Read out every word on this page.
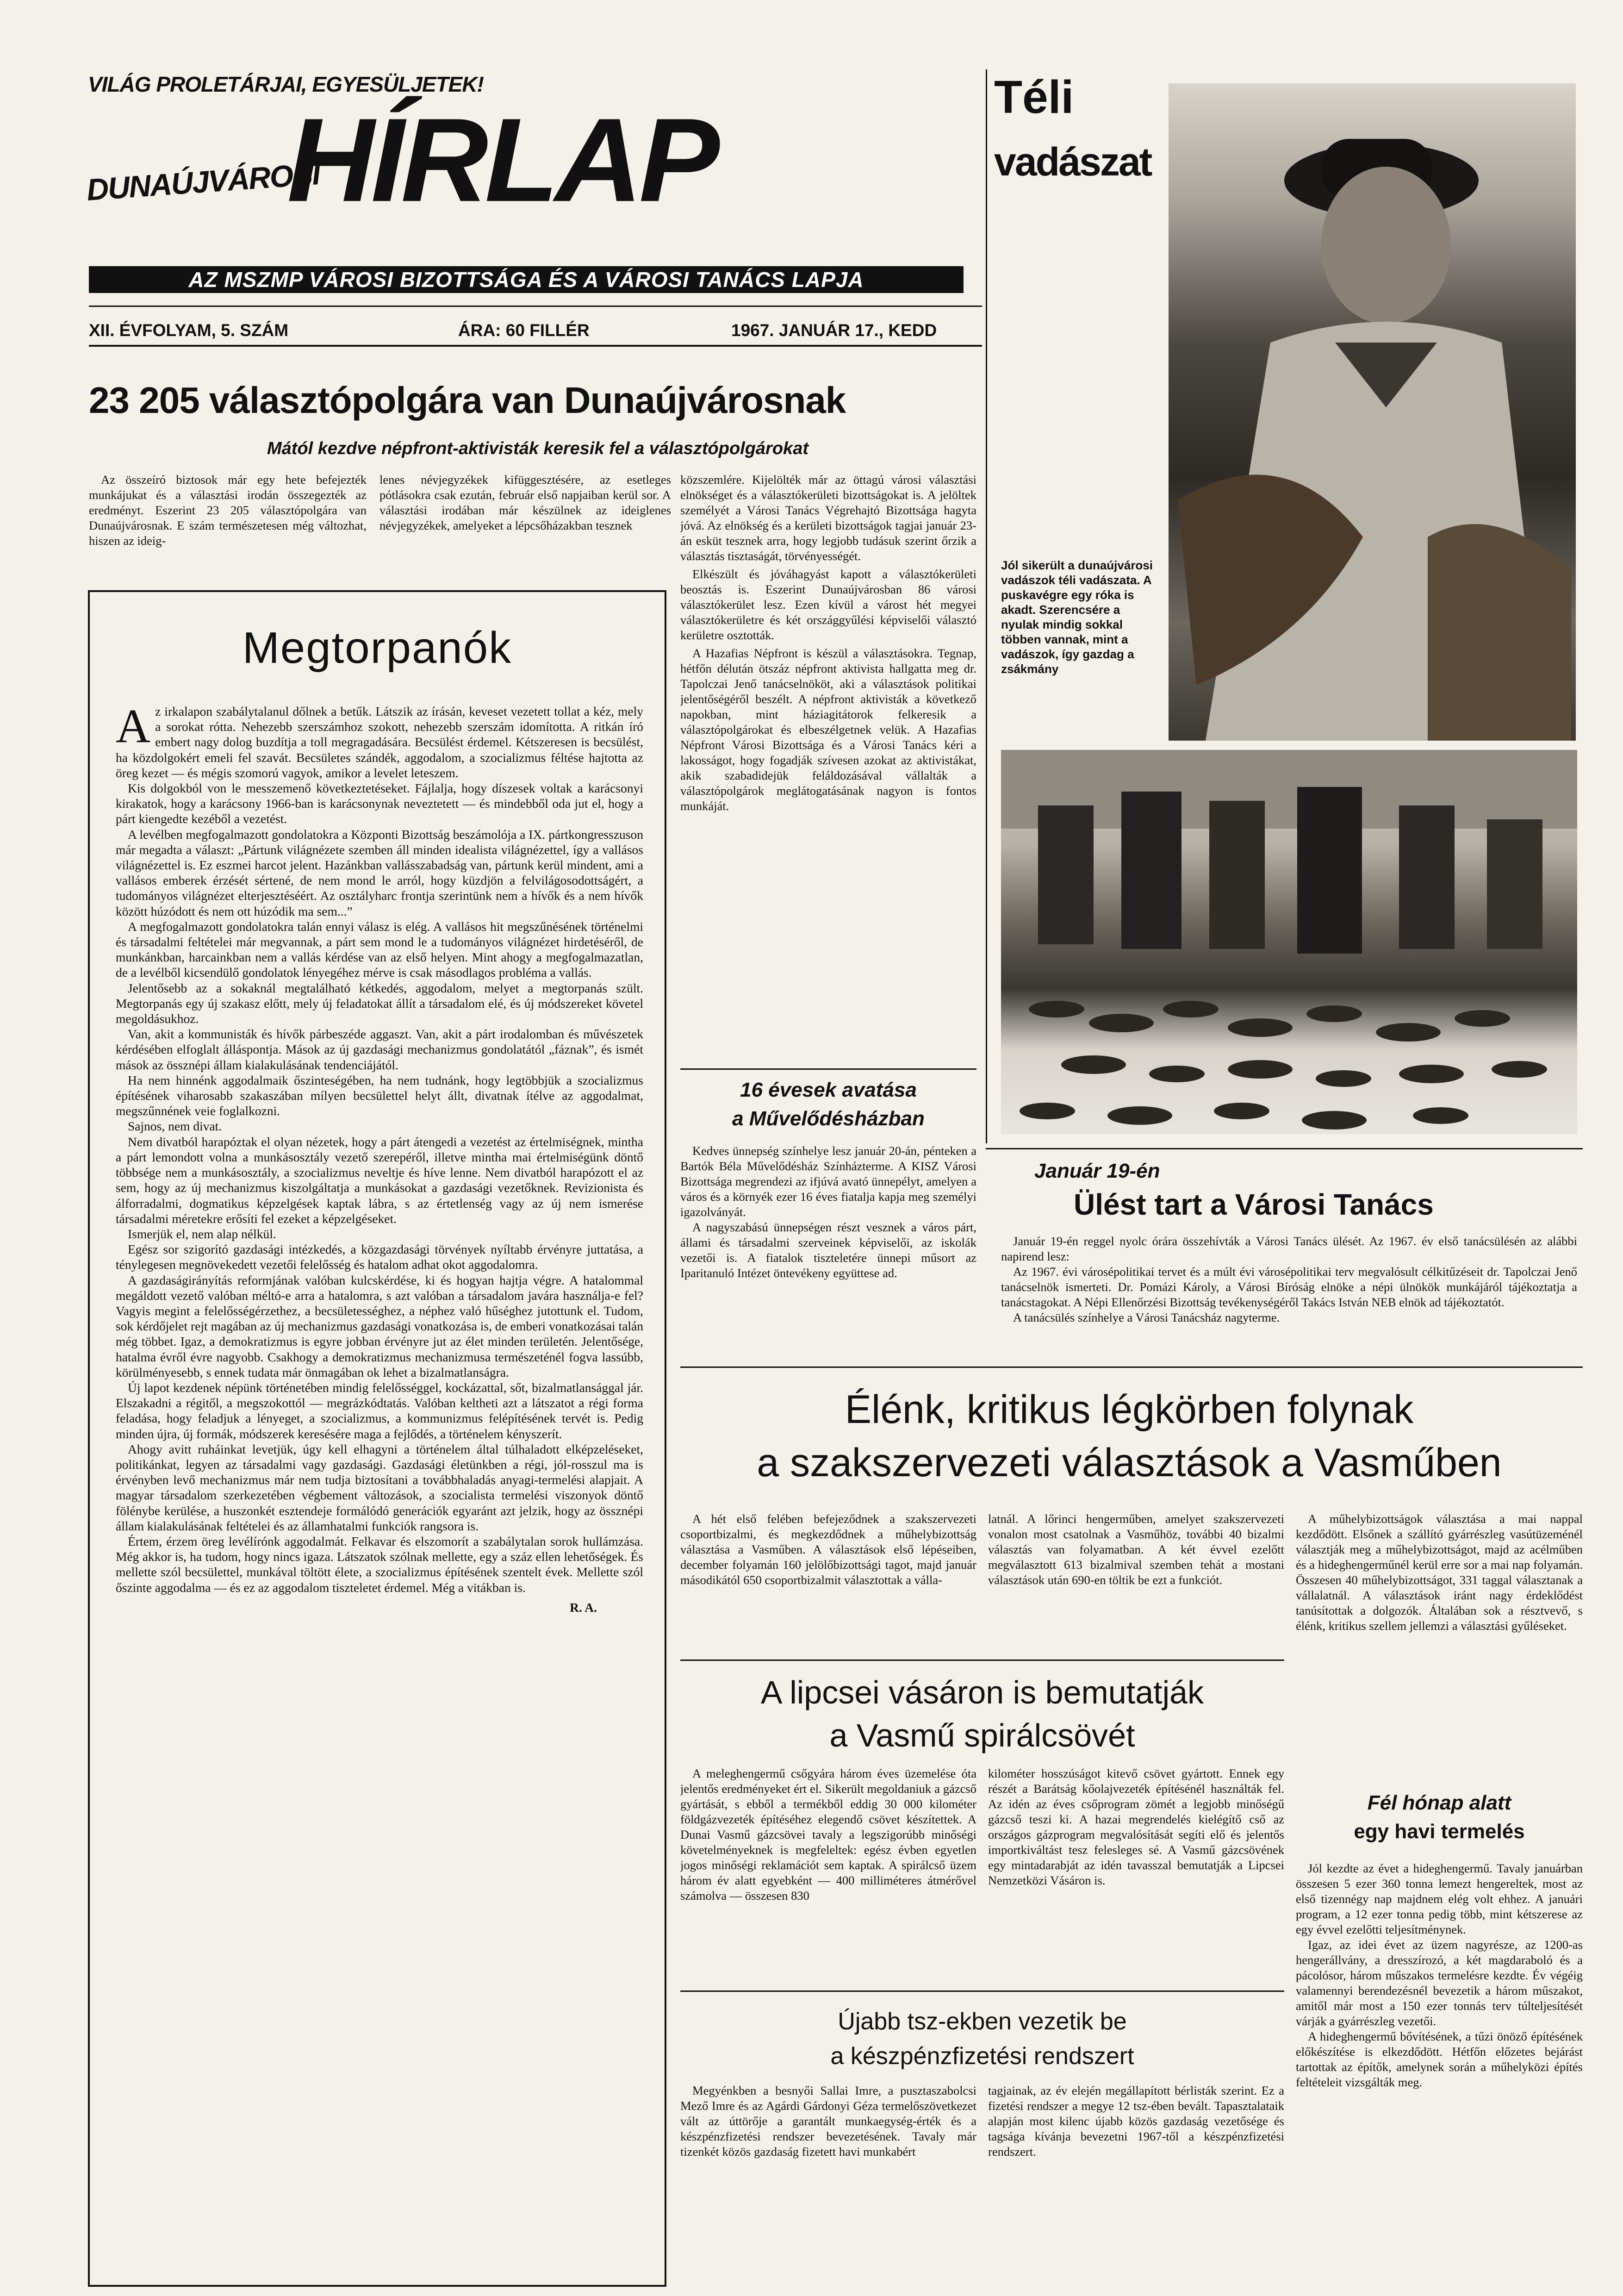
VILÁG PROLETÁRJAI, EGYESÜLJETEK!
DUNAÚJVÁROSI
HÍRLAP
AZ MSZMP VÁROSI BIZOTTSÁGA ÉS A VÁROSI TANÁCS LAPJA
XII. ÉVFOLYAM, 5. SZÁM	ÁRA: 60 FILLÉR	1967. JANUÁR 17., KEDD
Téli
vadászat
Jól sikerült a dunaújvárosi vadászok téli vadászata. A puskavégre egy róka is akadt. Szerencsére a nyulak mindig sokkal többen vannak, mint a vadászok, így gazdag a zsákmány
23 205 választópolgára van Dunaújvárosnak
Mától kezdve népfront-aktivisták keresik fel a választópolgárokat

Az összeíró biztosok már egy hete befejezték munkájukat és a választási irodán összegezték az eredményt. Eszerint 23 205 választópolgára van Dunaújvárosnak. E szám természetesen még változhat, hiszen az ideig-

lenes névjegyzékek kifüggesztésére, az esetleges pótlásokra csak ezután, február első napjaiban kerül sor. A választási irodában már készülnek az ideiglenes névjegyzékek, amelyeket a lépcsőházakban tesznek

közszemlére. Kijelölték már az öttagú városi választási elnökséget és a választókerületi bizottságokat is. A jelöltek személyét a Városi Tanács Végrehajtó Bizottsága hagyta jóvá. Az elnökség és a kerületi bizottságok tagjai január 23-án esküt tesznek arra, hogy legjobb tudásuk szerint őrzik a választás tisztaságát, törvényességét.

Elkészült és jóváhagyást kapott a választókerületi beosztás is. Eszerint Dunaújvárosban 86 városi választókerület lesz. Ezen kívül a várost hét megyei választókerületre és két országgyűlési képviselői választó kerületre osztották.

A Hazafias Népfront is készül a választásokra. Tegnap, hétfőn délután ötszáz népfront aktivista hallgatta meg dr. Tapolczai Jenő tanácselnököt, aki a választások politikai jelentőségéről beszélt. A népfront aktivisták a következő napokban, mint háziagitátorok felkeresik a választópolgárokat és elbeszélgetnek velük. A Hazafias Népfront Városi Bizottsága és a Városi Tanács kéri a lakosságot, hogy fogadják szívesen azokat az aktivistákat, akik szabadidejük feláldozásával vállalták a választópolgárok meglátogatásának nagyon is fontos munkáját.

Megtorpanók

Az irkalapon szabálytalanul dőlnek a betűk. Látszik az írásán, keveset vezetett tollat a kéz, mely a sorokat rótta. Nehezebb szerszámhoz szokott, nehezebb szerszám idomította. A ritkán író embert nagy dolog buzdítja a toll megragadására. Becsülést érdemel. Kétszeresen is becsülést, ha közdolgokért emeli fel szavát. Becsületes szándék, aggodalom, a szocializmus féltése hajtotta az öreg kezet — és mégis szomorú vagyok, amikor a levelet leteszem.

Kis dolgokból von le messzemenő következtetéseket. Fájlalja, hogy díszesek voltak a karácsonyi kirakatok, hogy a karácsony 1966-ban is karácsonynak neveztetett — és mindebből oda jut el, hogy a párt kiengedte kezéből a vezetést.

A levélben megfogalmazott gondolatokra a Központi Bizottság beszámolója a IX. pártkongresszuson már megadta a választ: „Pártunk világnézete szemben áll minden idealista világnézettel, így a vallásos világnézettel is. Ez eszmei harcot jelent. Hazánkban vallásszabadság van, pártunk kerül mindent, ami a vallásos emberek érzését sértené, de nem mond le arról, hogy küzdjön a felvilágosodottságért, a tudományos világnézet elterjesztéséért. Az osztályharc frontja szerintünk nem a hívők és a nem hívők között húzódott és nem ott húzódik ma sem...”

A megfogalmazott gondolatokra talán ennyi válasz is elég. A vallásos hit megszűnésének történelmi és társadalmi feltételei már megvannak, a párt sem mond le a tudományos világnézet hirdetéséről, de munkánkban, harcainkban nem a vallás kérdése van az első helyen. Mint ahogy a megfogalmazatlan, de a levélből kicsendülő gondolatok lényegéhez mérve is csak másodlagos probléma a vallás.

Jelentősebb az a sokaknál megtalálható kétkedés, aggodalom, melyet a megtorpanás szült. Megtorpanás egy új szakasz előtt, mely új feladatokat állít a társadalom elé, és új módszereket követel megoldásukhoz.

Van, akit a kommunisták és hívők párbeszéde aggaszt. Van, akit a párt irodalomban és művészetek kérdésében elfoglalt álláspontja. Mások az új gazdasági mechanizmus gondolatától „fáznak”, és ismét mások az össznépi állam kialakulásának tendenciájától.

Ha nem hinnénk aggodalmaik őszinteségében, ha nem tudnánk, hogy legtöbbjük a szocializmus építésének viharosabb szakaszában mílyen becsülettel helyt állt, divatnak ítélve az aggodalmat, megszűnnének veie foglalkozni.

Sajnos, nem divat.

Nem divatból harapóztak el olyan nézetek, hogy a párt átengedi a vezetést az értelmiségnek, mintha a párt lemondott volna a munkásosztály vezető szerepéről, illetve mintha mai értelmiségünk döntő többsége nem a munkásosztály, a szocializmus neveltje és híve lenne. Nem divatból harapózott el az sem, hogy az új mechanizmus kiszolgáltatja a munkásokat a gazdasági vezetőknek. Revizionista és álforradalmi, dogmatikus képzelgések kaptak lábra, s az értetlenség vagy az új nem ismerése társadalmi méretekre erősíti fel ezeket a képzelgéseket.

Ismerjük el, nem alap nélkül.

Egész sor szigorító gazdasági intézkedés, a közgazdasági törvények nyíltabb érvényre juttatása, a ténylegesen megnövekedett vezetői felelősség és hatalom adhat okot aggodalomra.

A gazdaságirányítás reformjának valóban kulcskérdése, ki és hogyan hajtja végre. A hatalommal megáldott vezető valóban méltó-e arra a hatalomra, s azt valóban a társadalom javára használja-e fel? Vagyis megint a felelősségérzethez, a becsületességhez, a néphez való hűséghez jutottunk el. Tudom, sok kérdőjelet rejt magában az új mechanizmus gazdasági vonatkozása is, de emberi vonatkozásai talán még többet. Igaz, a demokratizmus is egyre jobban érvényre jut az élet minden területén. Jelentősége, hatalma évről évre nagyobb. Csakhogy a demokratizmus mechanizmusa természeténél fogva lassúbb, körülményesebb, s ennek tudata már önmagában ok lehet a bizalmatlanságra.

Új lapot kezdenek népünk történetében mindig felelősséggel, kockázattal, sőt, bizalmatlansággal jár. Elszakadni a régitől, a megszokottól — megrázkódtatás. Valóban keltheti azt a látszatot a régi forma feladása, hogy feladjuk a lényeget, a szocializmus, a kommunizmus felépítésének tervét is. Pedig minden újra, új formák, módszerek keresésére maga a fejlődés, a történelem kényszerít.

Ahogy avitt ruháinkat levetjük, úgy kell elhagyni a történelem által túlhaladott elképzeléseket, politikánkat, legyen az társadalmi vagy gazdasági. Gazdasági életünkben a régi, jól-rosszul ma is érvényben levő mechanizmus már nem tudja biztosítani a továbbhaladás anyagi-termelési alapjait. A magyar társadalom szerkezetében végbement változások, a szocialista termelési viszonyok döntő fölénybe kerülése, a huszonkét esztendeje formálódó generációk egyaránt azt jelzik, hogy az össznépi állam kialakulásának feltételei és az államhatalmi funkciók rangsora is.

Értem, érzem öreg levélírónk aggodalmát. Felkavar és elszomorít a szabálytalan sorok hullámzása. Még akkor is, ha tudom, hogy nincs igaza. Látszatok szólnak mellette, egy a száz ellen lehetőségek. És mellette szól becsülettel, munkával töltött élete, a szocializmus építésének szentelt évek. Mellette szól őszinte aggodalma — és ez az aggodalom tiszteletet érdemel. Még a vitákban is.

R. A.
16 évesek avatása
a Művelődésházban

Kedves ünnepség színhelye lesz január 20-án, pénteken a Bartók Béla Művelődésház Színházterme. A KISZ Városi Bizottsága megrendezi az ifjúvá avató ünnepélyt, amelyen a város és a környék ezer 16 éves fiatalja kapja meg személyi igazolványát.

A nagyszabású ünnepségen részt vesznek a város párt, állami és társadalmi szerveinek képviselői, az iskolák vezetői is. A fiatalok tiszteletére ünnepi műsort az Iparitanuló Intézet öntevékeny együttese ad.

Január 19-én
Ülést tart a Városi Tanács

Január 19-én reggel nyolc órára összehívták a Városi Tanács ülését. Az 1967. év első tanácsülésén az alábbi napirend lesz:

Az 1967. évi városépolitikai tervet és a múlt évi városépolitikai terv megvalósult célkitűzéseit dr. Tapolczai Jenő tanácselnök ismerteti. Dr. Pomázi Károly, a Városi Bíróság elnöke a népi ülnökök munkájáról tájékoztatja a tanácstagokat. A Népi Ellenőrzési Bizottság tevékenységéről Takács István NEB elnök ad tájékoztatót.

A tanácsülés színhelye a Városi Tanácsház nagyterme.

Élénk, kritikus légkörben folynak
a szakszervezeti választások a Vasműben

A hét első felében befejeződnek a szakszervezeti csoportbizalmi, és megkezdődnek a műhelybizottság választása a Vasműben. A választások első lépéseiben, december folyamán 160 jelölőbizottsági tagot, majd január másodikától 650 csoportbizalmit választottak a válla-

latnál. A lőrinci hengerműben, amelyet szakszervezeti vonalon most csatolnak a Vasműhöz, további 40 bizalmi választás van folyamatban. A két évvel ezelőtt megválasztott 613 bizalmival szemben tehát a mostani választások után 690-en töltik be ezt a funkciót.

A műhelybizottságok választása a mai nappal kezdődött. Elsőnek a szállító gyárrészleg vasútüzeménél választják meg a műhelybizottságot, majd az acélműben és a hideghengerműnél kerül erre sor a mai nap folyamán. Összesen 40 műhelybizottságot, 331 taggal választanak a vállalatnál. A választások iránt nagy érdeklődést tanúsítottak a dolgozók. Általában sok a résztvevő, s élénk, kritikus szellem jellemzi a választási gyűléseket.

A lipcsei vásáron is bemutatják
a Vasmű spirálcsövét

A meleghengermű csőgyára három éves üzemelése óta jelentős eredményeket ért el. Sikerült megoldaniuk a gázcső gyártását, s ebből a termékből eddig 30 000 kilométer földgázvezeték építéséhez elegendő csövet készítettek. A Dunai Vasmű gázcsövei tavaly a legszigorúbb minőségi követelményeknek is megfeleltek: egész évben egyetlen jogos minőségi reklamációt sem kaptak. A spirálcső üzem három év alatt egyebként — 400 milliméteres átmérővel számolva — összesen 830

kilométer hosszúságot kitevő csövet gyártott. Ennek egy részét a Barátság kőolajvezeték építésénél használták fel. Az idén az éves csőprogram zömét a legjobb minőségű gázcső teszi ki. A hazai megrendelés kielégítő cső az országos gázprogram megvalósítását segíti elő és jelentős importkiváltást tesz felesleges sé. A Vasmű gázcsövének egy mintadarabját az idén tavasszal bemutatják a Lipcsei Nemzetközi Vásáron is.

Újabb tsz-ekben vezetik be
a készpénzfizetési rendszert

Megyénkben a besnyői Sallai Imre, a pusztaszabolcsi Mező Imre és az Agárdi Gárdonyi Géza termelőszövetkezet vált az úttörője a garantált munkaegység-érték és a készpénzfizetési rendszer bevezetésének. Tavaly már tizenkét közös gazdaság fizetett havi munkabért

tagjainak, az év elején megállapított bérlisták szerint. Ez a fizetési rendszer a megye 12 tsz-ében bevált. Tapasztalataik alapján most kilenc újabb közös gazdaság vezetősége és tagsága kívánja bevezetni 1967-től a készpénzfizetési rendszert.

Fél hónap alatt
egy havi termelés

Jól kezdte az évet a hideghengermű. Tavaly januárban összesen 5 ezer 360 tonna lemezt hengereltek, most az első tizennégy nap majdnem elég volt ehhez. A januári program, a 12 ezer tonna pedig több, mint kétszerese az egy évvel ezelőtti teljesítménynek.

Igaz, az idei évet az üzem nagyrésze, az 1200-as hengerállvány, a dresszírozó, a két magdaraboló és a pácolósor, három műszakos termelésre kezdte. Év végéig valamennyi berendezésnél bevezetik a három műszakot, amitől már most a 150 ezer tonnás terv túlteljesítését várják a gyárrészleg vezetői.

A hideghengermű bővítésének, a tűzi önöző építésének előkészítése is elkezdődött. Hétfőn előzetes bejárást tartottak az építők, amelynek során a műhelyközi építés feltételeit vizsgálták meg.
